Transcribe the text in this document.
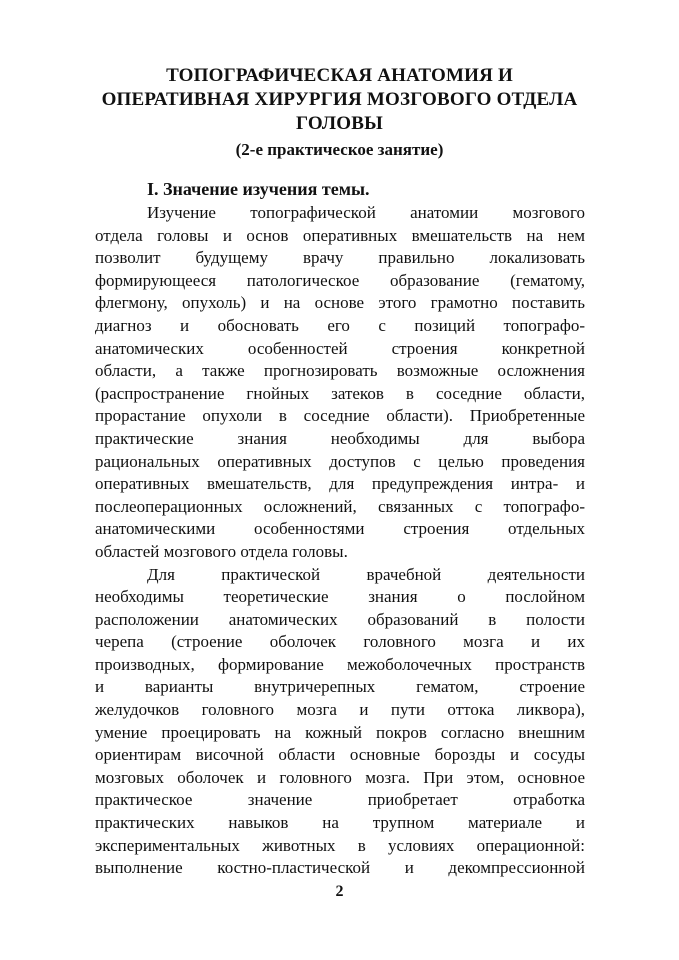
ТОПОГРАФИЧЕСКАЯ АНАТОМИЯ И
ОПЕРАТИВНАЯ ХИРУРГИЯ МОЗГОВОГО ОТДЕЛА
ГОЛОВЫ
(2-е практическое занятие)
I. Значение изучения темы.
Изучение топографической анатомии мозгового
отдела головы и основ оперативных вмешательств на нем
позволит будущему врачу правильно локализовать
формирующееся патологическое образование (гематому,
флегмону, опухоль) и на основе этого грамотно поставить
диагноз и обосновать его с позиций топографо-
анатомических особенностей строения конкретной
области, а также прогнозировать возможные осложнения
(распространение гнойных затеков в соседние области,
прорастание опухоли в соседние области). Приобретенные
практические знания необходимы для выбора
рациональных оперативных доступов с целью проведения
оперативных вмешательств, для предупреждения интра- и
послеоперационных осложнений, связанных с топографо-
анатомическими особенностями строения отдельных
областей мозгового отдела головы.
Для практической врачебной деятельности
необходимы теоретические знания о послойном
расположении анатомических образований в полости
черепа (строение оболочек головного мозга и их
производных, формирование межоболочечных пространств
и варианты внутричерепных гематом, строение
желудочков головного мозга и пути оттока ликвора),
умение проецировать на кожный покров согласно внешним
ориентирам височной области основные борозды и сосуды
мозговых оболочек и головного мозга. При этом, основное
практическое значение приобретает отработка
практических навыков на трупном материале и
экспериментальных животных в условиях операционной:
выполнение костно-пластической и декомпрессионной
2
